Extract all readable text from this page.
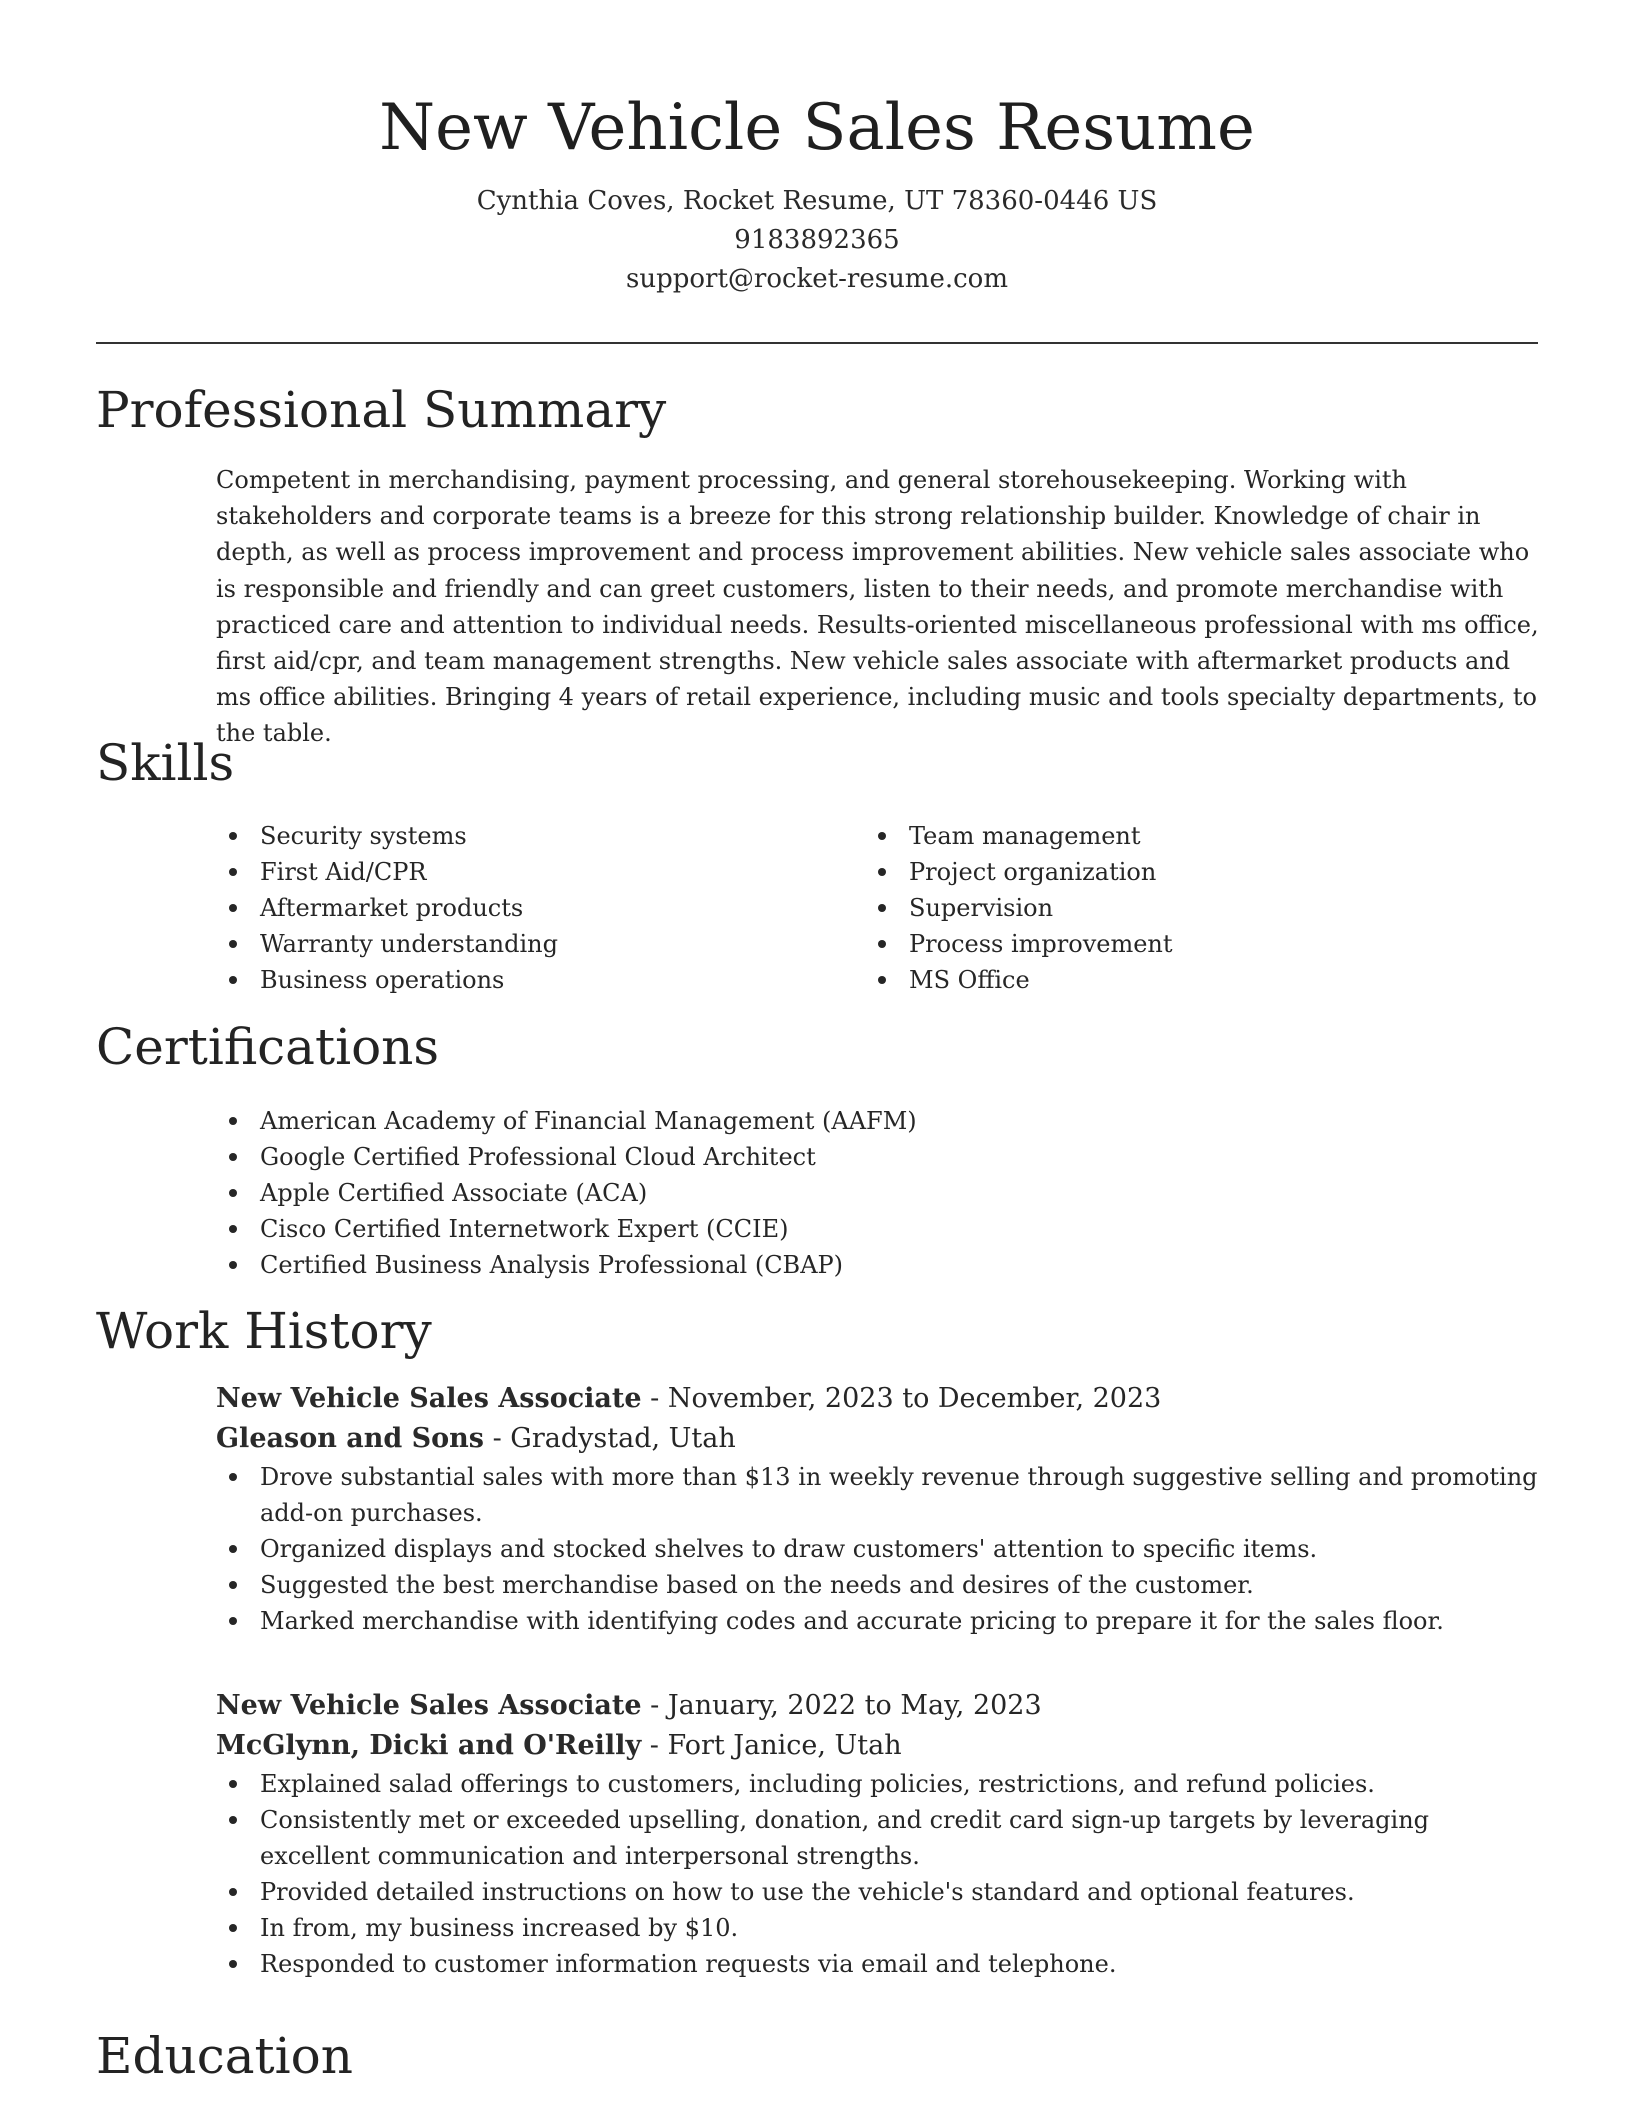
New Vehicle Sales Resume
Cynthia Coves, Rocket Resume, UT 78360-0446 US
9183892365
support@rocket-resume.com
Professional Summary

Competent in merchandising, payment processing, and general storehousekeeping. Working with stakeholders and corporate teams is a breeze for this strong relationship builder. Knowledge of chair in depth, as well as process improvement and process improvement abilities. New vehicle sales associate who is responsible and friendly and can greet customers, listen to their needs, and promote merchandise with practiced care and attention to individual needs. Results-oriented miscellaneous professional with ms office, first aid/cpr, and team management strengths. New vehicle sales associate with aftermarket products and ms office abilities. Bringing 4 years of retail experience, including music and tools specialty departments, to the table.

Skills
Security systems
First Aid/CPR
Aftermarket products
Warranty understanding
Business operations
Team management
Project organization
Supervision
Process improvement
MS Office
Certifications
American Academy of Financial Management (AAFM)
Google Certified Professional Cloud Architect
Apple Certified Associate (ACA)
Cisco Certified Internetwork Expert (CCIE)
Certified Business Analysis Professional (CBAP)
Work History
New Vehicle Sales Associate - November, 2023 to December, 2023
Gleason and Sons - Gradystad, Utah
Drove substantial sales with more than $13 in weekly revenue through suggestive selling and promoting add-on purchases.
Organized displays and stocked shelves to draw customers' attention to specific items.
Suggested the best merchandise based on the needs and desires of the customer.
Marked merchandise with identifying codes and accurate pricing to prepare it for the sales floor.
New Vehicle Sales Associate - January, 2022 to May, 2023
McGlynn, Dicki and O'Reilly - Fort Janice, Utah
Explained salad offerings to customers, including policies, restrictions, and refund policies.
Consistently met or exceeded upselling, donation, and credit card sign-up targets by leveraging excellent communication and interpersonal strengths.
Provided detailed instructions on how to use the vehicle's standard and optional features.
In from, my business increased by $10.
Responded to customer information requests via email and telephone.
Education
